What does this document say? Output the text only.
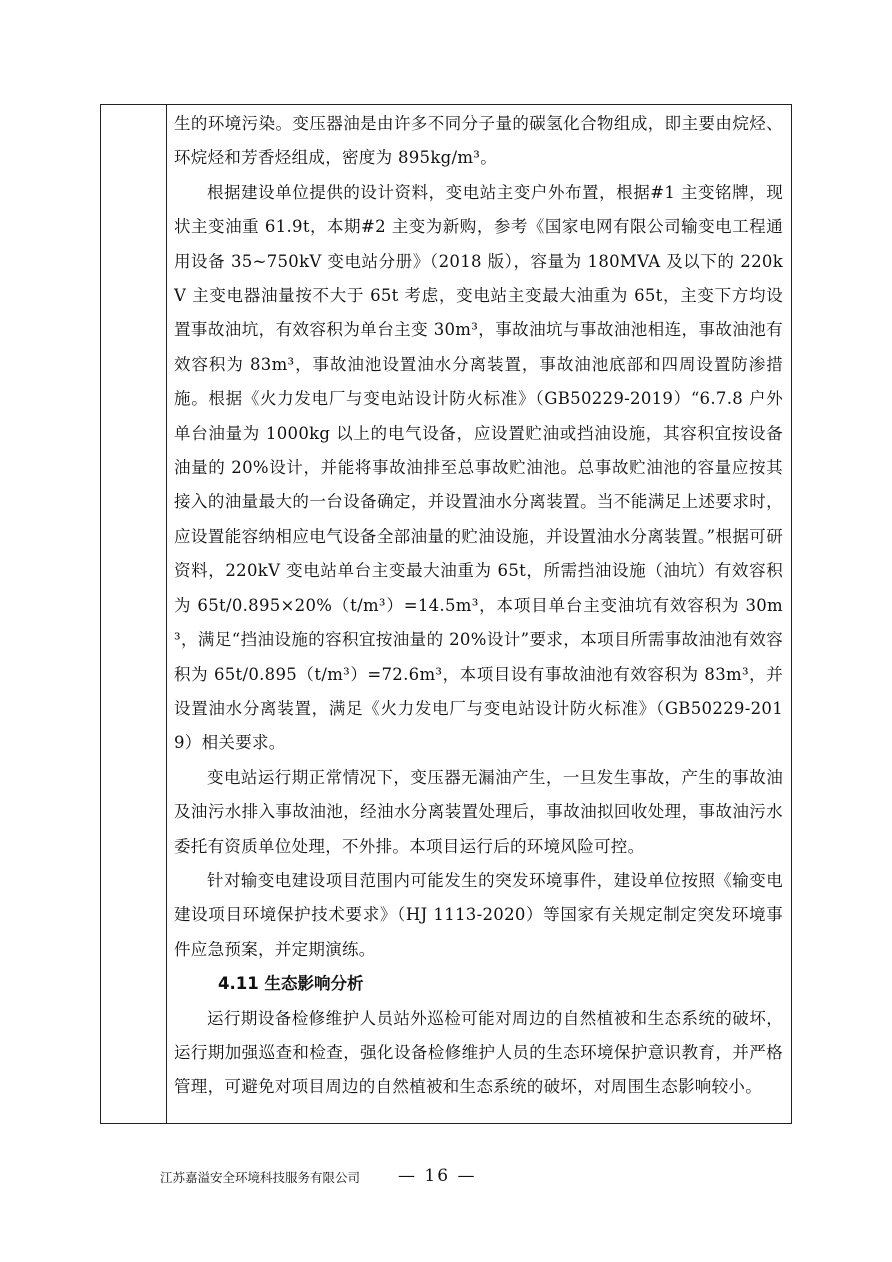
生的环境污染。变压器油是由许多不同分子量的碳氢化合物组成，即主要由烷烃、环烷烃和芳香烃组成，密度为 895kg/m³。

根据建设单位提供的设计资料，变电站主变户外布置，根据#1 主变铭牌，现状主变油重 61.9t，本期#2 主变为新购，参考《国家电网有限公司输变电工程通用设备 35~750kV 变电站分册》（2018 版），容量为 180MVA 及以下的 220kV 主变电器油量按不大于 65t 考虑，变电站主变最大油重为 65t，主变下方均设置事故油坑，有效容积为单台主变 30m³，事故油坑与事故油池相连，事故油池有效容积为 83m³，事故油池设置油水分离装置，事故油池底部和四周设置防渗措施。根据《火力发电厂与变电站设计防火标准》（GB50229-2019）“6.7.8 户外单台油量为 1000kg 以上的电气设备，应设置贮油或挡油设施，其容积宜按设备油量的 20%设计，并能将事故油排至总事故贮油池。总事故贮油池的容量应按其接入的油量最大的一台设备确定，并设置油水分离装置。当不能满足上述要求时，应设置能容纳相应电气设备全部油量的贮油设施，并设置油水分离装置。”根据可研资料，220kV 变电站单台主变最大油重为 65t，所需挡油设施（油坑）有效容积为 65t/0.895×20%（t/m³）=14.5m³，本项目单台主变油坑有效容积为 30m³，满足“挡油设施的容积宜按油量的 20%设计”要求，本项目所需事故油池有效容积为 65t/0.895（t/m³）=72.6m³，本项目设有事故油池有效容积为 83m³，并设置油水分离装置，满足《火力发电厂与变电站设计防火标准》（GB50229-2019）相关要求。

变电站运行期正常情况下，变压器无漏油产生，一旦发生事故，产生的事故油及油污水排入事故油池，经油水分离装置处理后，事故油拟回收处理，事故油污水委托有资质单位处理，不外排。本项目运行后的环境风险可控。

针对输变电建设项目范围内可能发生的突发环境事件，建设单位按照《输变电建设项目环境保护技术要求》（HJ 1113-2020）等国家有关规定制定突发环境事件应急预案，并定期演练。

4.11 生态影响分析

运行期设备检修维护人员站外巡检可能对周边的自然植被和生态系统的破坏，运行期加强巡查和检查，强化设备检修维护人员的生态环境保护意识教育，并严格管理，可避免对项目周边的自然植被和生态系统的破坏，对周围生态影响较小。

江苏嘉溢安全环境科技服务有限公司 — 16 —
